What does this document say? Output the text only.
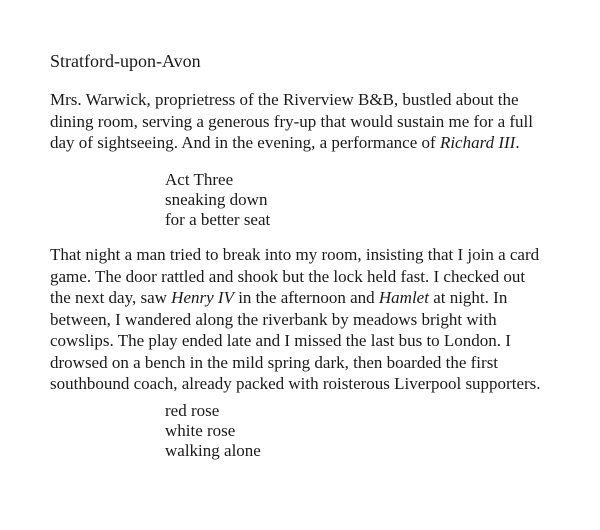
Stratford-upon-Avon
Mrs. Warwick, proprietress of the Riverview B&B, bustled about the
dining room, serving a generous fry-up that would sustain me for a full
day of sightseeing. And in the evening, a performance of Richard III.
Act Three
sneaking down
for a better seat
That night a man tried to break into my room, insisting that I join a card
game. The door rattled and shook but the lock held fast. I checked out
the next day, saw Henry IV in the afternoon and Hamlet at night. In
between, I wandered along the riverbank by meadows bright with
cowslips. The play ended late and I missed the last bus to London. I
drowsed on a bench in the mild spring dark, then boarded the first
southbound coach, already packed with roisterous Liverpool supporters.
red rose
white rose
walking alone
